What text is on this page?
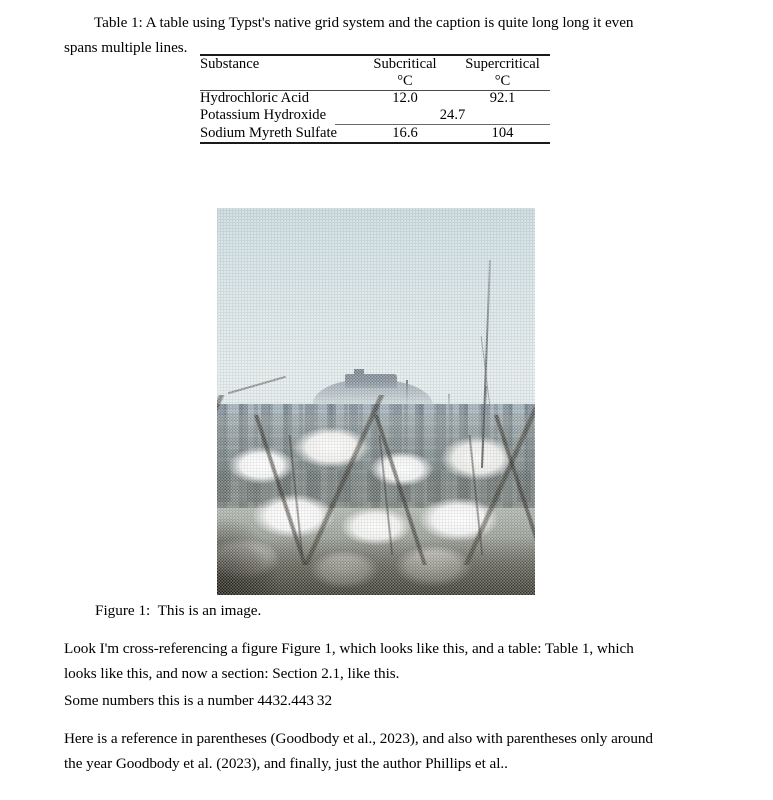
Table 1: A table using Typst's native grid system and the caption is quite long long it even spans multiple lines.
Substance	Subcritical	Supercritical
	°C	°C
Hydrochloric Acid	12.0	92.1
Potassium Hydroxide	24.7	
Sodium Myreth Sulfate	16.6	104
Figure 1:  This is an image.
Look I'm cross-referencing a figure Figure 1, which looks like this, and a table: Table 1, which looks like this, and now a section: Section 2.1, like this.
Some numbers this is a number 4432.443 32
Here is a reference in parentheses (Goodbody et al., 2023), and also with parentheses only around the year Goodbody et al. (2023), and finally, just the author Phillips et al..
